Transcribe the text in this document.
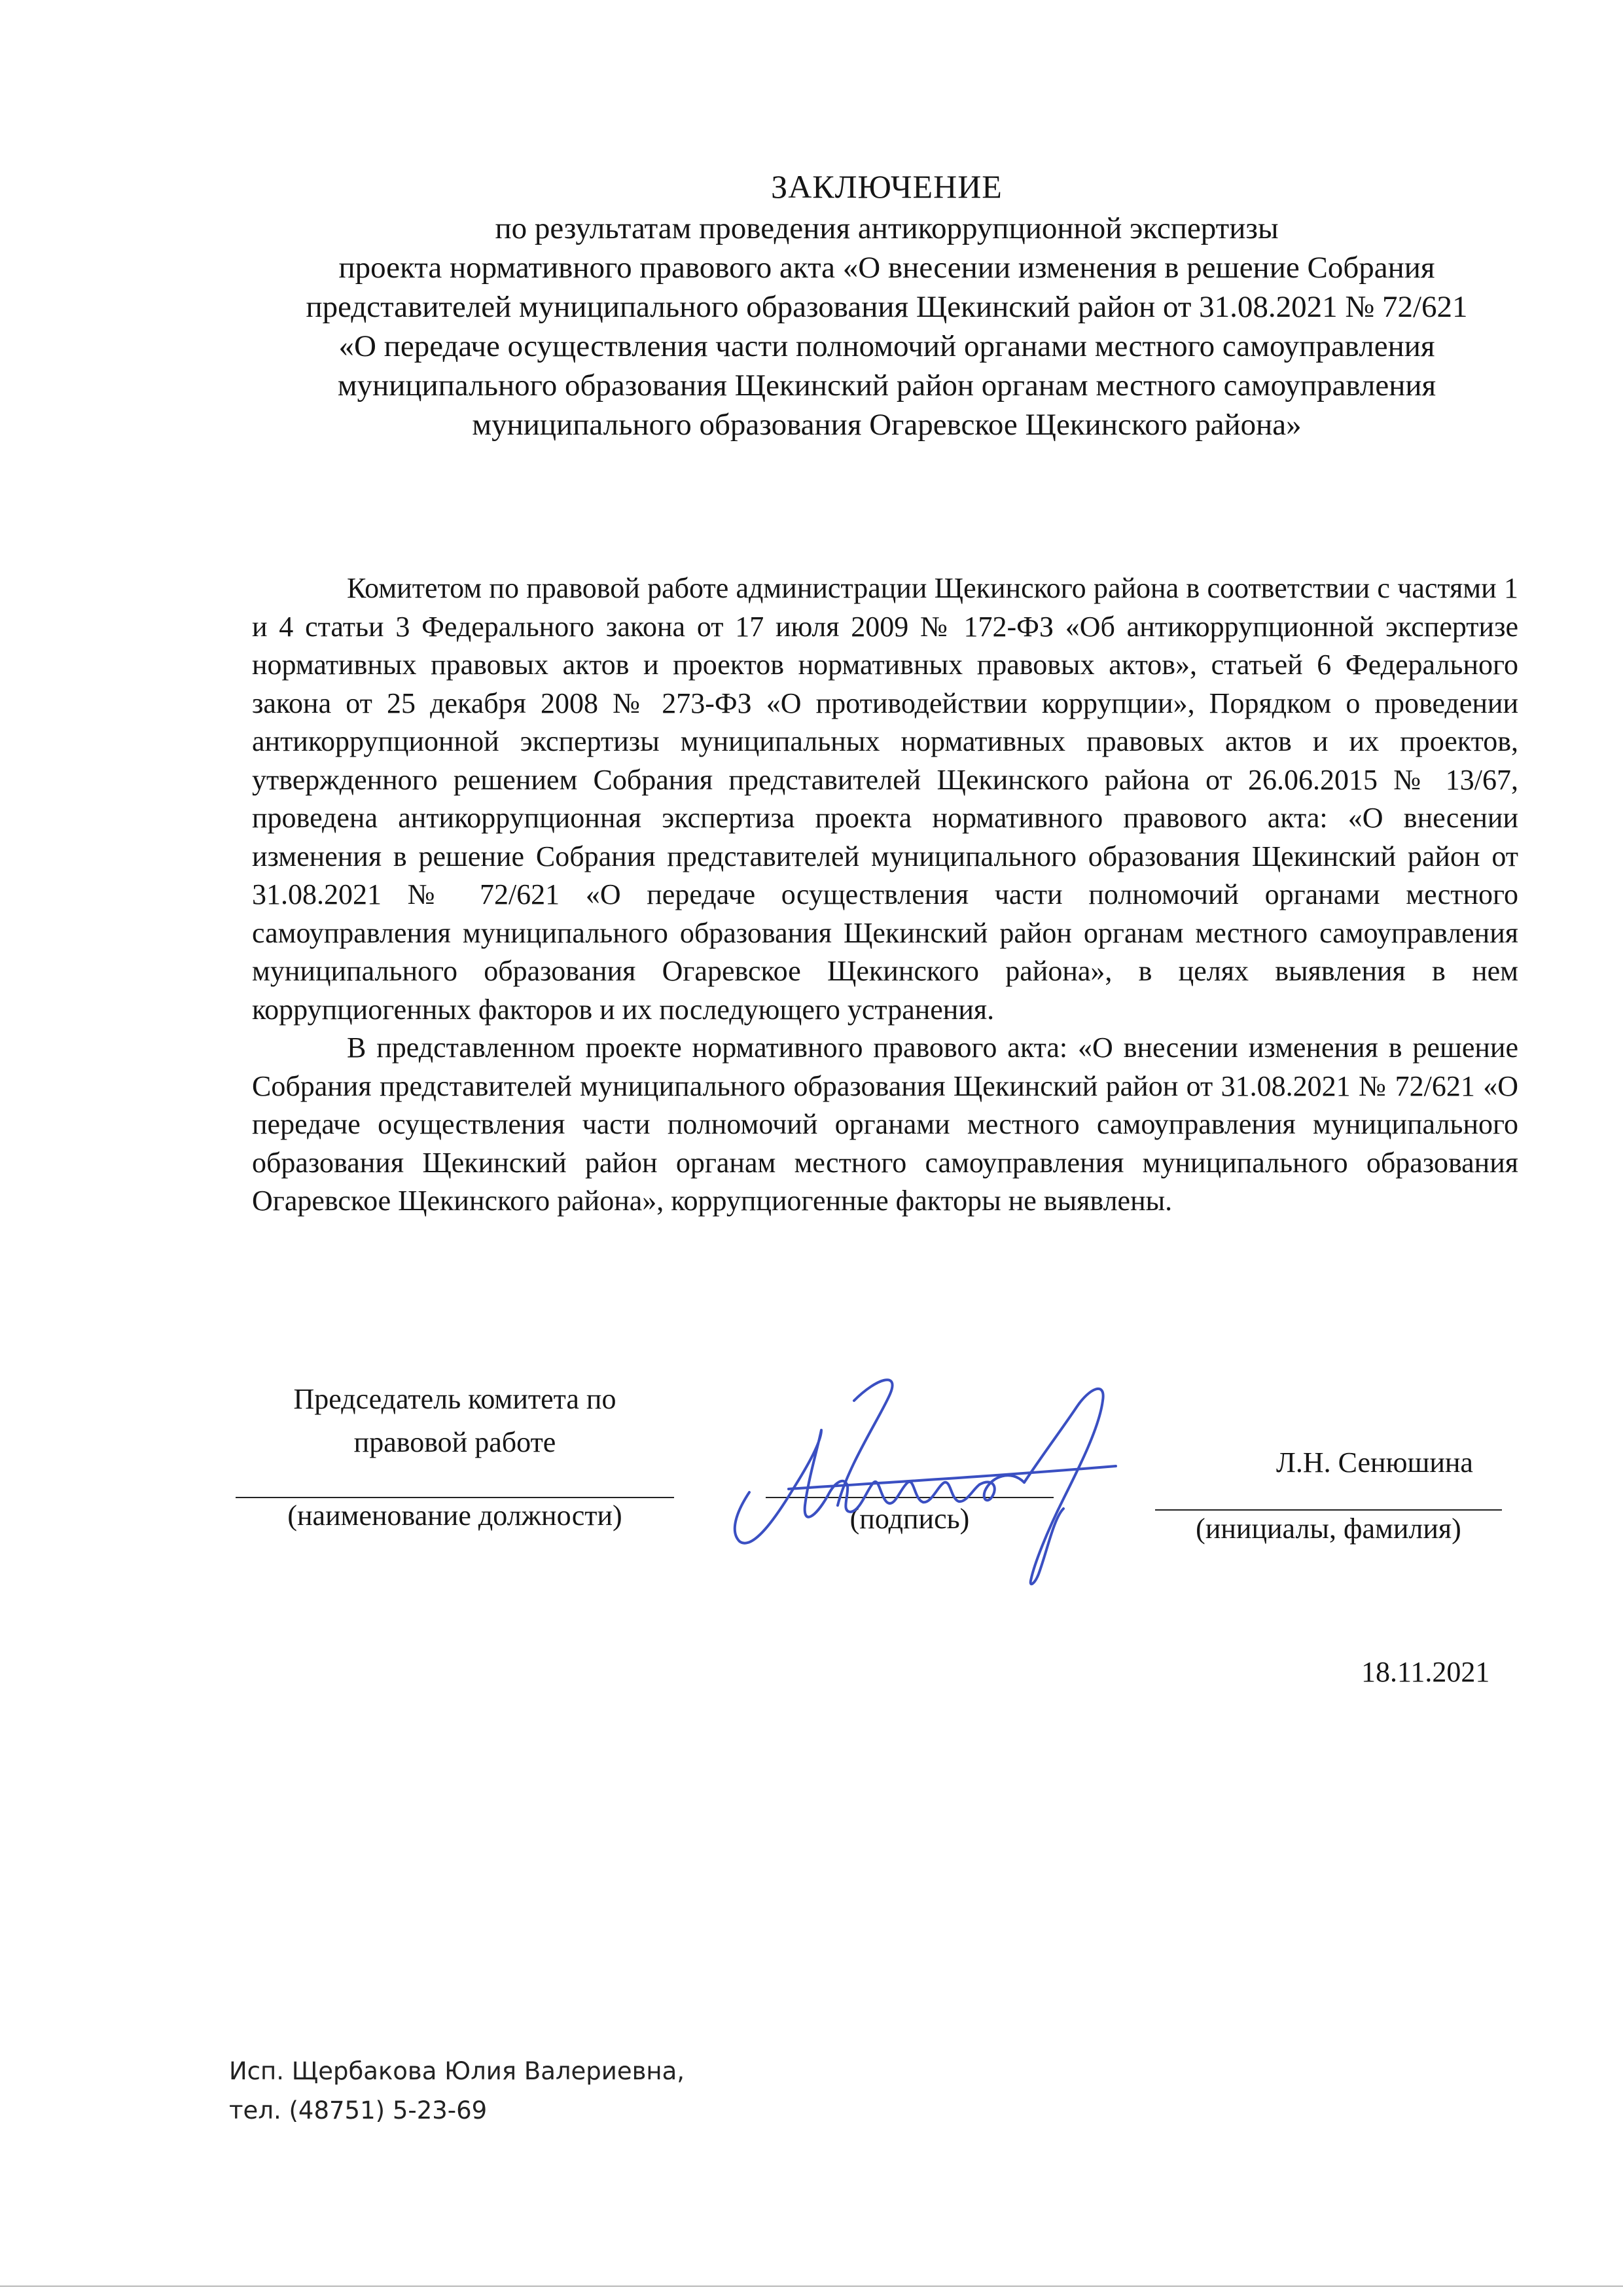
ЗАКЛЮЧЕНИЕ
по результатам проведения антикоррупционной экспертизы
проекта нормативного правового акта «О внесении изменения в решение Собрания
представителей муниципального образования Щекинский район от 31.08.2021 № 72/621
«О передаче осуществления части полномочий органами местного самоуправления
муниципального образования Щекинский район органам местного самоуправления
муниципального образования Огаревское Щекинского района»

Комитетом по правовой работе администрации Щекинского района в соответствии с частями 1 и 4 статьи 3 Федерального закона от 17 июля 2009 № 172-ФЗ «Об антикоррупционной экспертизе нормативных правовых актов и проектов нормативных правовых актов», статьей 6 Федерального закона от 25 декабря 2008 № 273-ФЗ «О противодействии коррупции», Порядком о проведении антикоррупционной экспертизы муниципальных нормативных правовых актов и их проектов, утвержденного решением Собрания представителей Щекинского района от 26.06.2015 № 13/67, проведена антикоррупционная экспертиза проекта нормативного правового акта: «О внесении изменения в решение Собрания представителей муниципального образования Щекинский район от 31.08.2021 № 72/621 «О передаче осуществления части полномочий органами местного самоуправления муниципального образования Щекинский район органам местного самоуправления муниципального образования Огаревское Щекинского района», в целях выявления в нем коррупциогенных факторов и их последующего устранения.

В представленном проекте нормативного правового акта: «О внесении изменения в решение Собрания представителей муниципального образования Щекинский район от 31.08.2021 № 72/621 «О передаче осуществления части полномочий органами местного самоуправления муниципального образования Щекинский район органам местного самоуправления муниципального образования Огаревское Щекинского района», коррупциогенные факторы не выявлены.

Председатель комитета по
правовой работе
(наименование должности)	(подпись)
Л.Н. Сенюшина
(инициалы, фамилия)
18.11.2021
Исп. Щербакова Юлия Валериевна,
тел. (48751) 5-23-69
